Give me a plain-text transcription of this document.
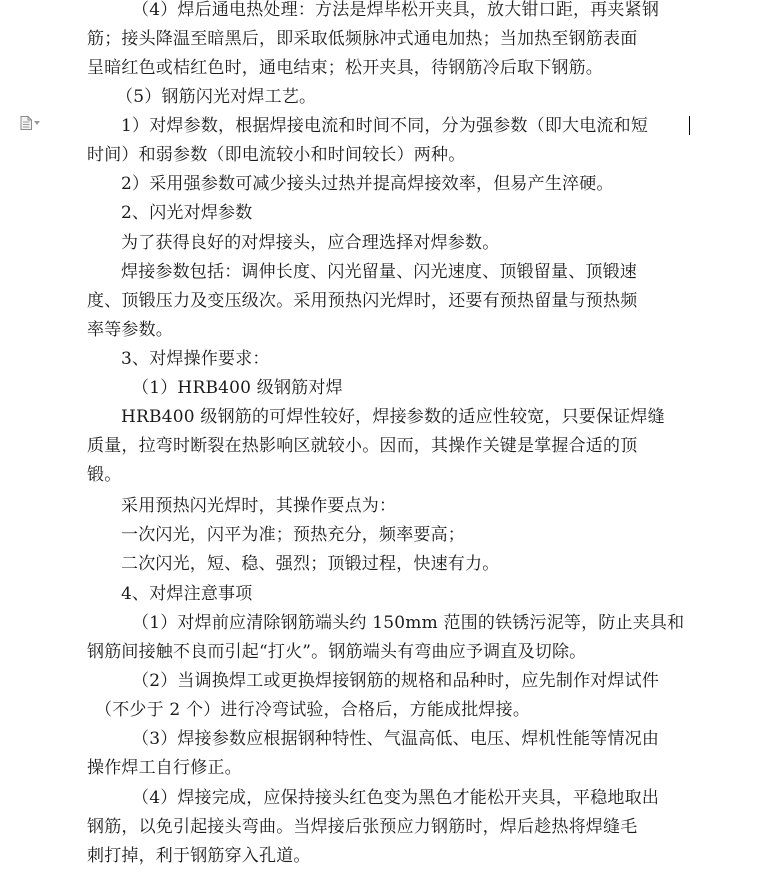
（4）焊后通电热处理：方法是焊毕松开夹具，放大钳口距，再夹紧钢
筋；接头降温至暗黑后，即采取低频脉冲式通电加热；当加热至钢筋表面
呈暗红色或桔红色时，通电结束；松开夹具，待钢筋冷后取下钢筋。
（5）钢筋闪光对焊工艺。
1）对焊参数，根据焊接电流和时间不同，分为强参数（即大电流和短
时间）和弱参数（即电流较小和时间较长）两种。
2）采用强参数可减少接头过热并提高焊接效率，但易产生淬硬。
2、闪光对焊参数
为了获得良好的对焊接头，应合理选择对焊参数。
焊接参数包括：调伸长度、闪光留量、闪光速度、顶锻留量、顶锻速
度、顶锻压力及变压级次。采用预热闪光焊时，还要有预热留量与预热频
率等参数。
3、对焊操作要求：
（1）HRB400 级钢筋对焊
HRB400 级钢筋的可焊性较好，焊接参数的适应性较宽，只要保证焊缝
质量，拉弯时断裂在热影响区就较小。因而，其操作关键是掌握合适的顶
锻。
采用预热闪光焊时，其操作要点为：
一次闪光，闪平为准；预热充分，频率要高；
二次闪光，短、稳、强烈；顶锻过程，快速有力。
4、对焊注意事项
（1）对焊前应清除钢筋端头约 150mm 范围的铁锈污泥等，防止夹具和
钢筋间接触不良而引起“打火”。钢筋端头有弯曲应予调直及切除。
（2）当调换焊工或更换焊接钢筋的规格和品种时，应先制作对焊试件
（不少于 2 个）进行冷弯试验，合格后，方能成批焊接。
（3）焊接参数应根据钢种特性、气温高低、电压、焊机性能等情况由
操作焊工自行修正。
（4）焊接完成，应保持接头红色变为黑色才能松开夹具，平稳地取出
钢筋，以免引起接头弯曲。当焊接后张预应力钢筋时，焊后趁热将焊缝毛
刺打掉，利于钢筋穿入孔道。
